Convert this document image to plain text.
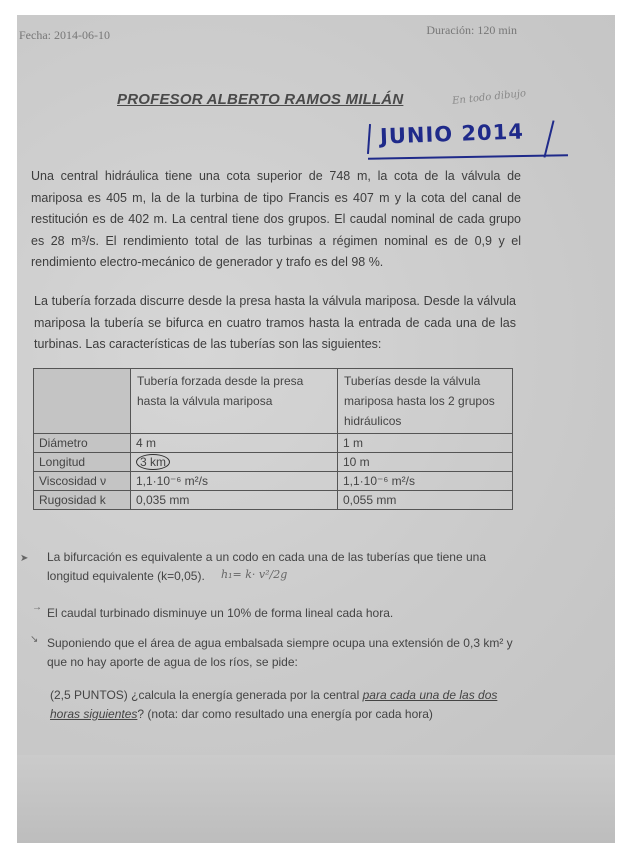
Fecha: 2014-06-10	Duración: 120 min
PROFESOR ALBERTO RAMOS MILLÁN	En todo dibujo
JUNIO 2014
Una central hidráulica tiene una cota superior de 748 m, la cota de la válvula de mariposa es 405 m, la de la turbina de tipo Francis es 407 m y la cota del canal de restitución es de 402 m. La central tiene dos grupos. El caudal nominal de cada grupo es 28 m³/s. El rendimiento total de las turbinas a régimen nominal es de 0,9 y el rendimiento electro-mecánico de generador y trafo es del 98 %.
La tubería forzada discurre desde la presa hasta la válvula mariposa. Desde la válvula mariposa la tubería se bifurca en cuatro tramos hasta la entrada de cada una de las turbinas. Las características de las tuberías son las siguientes:
	Tubería forzada desde la presa hasta la válvula mariposa	Tuberías desde la válvula mariposa hasta los 2 grupos hidráulicos
Diámetro	4 m	1 m
Longitud	3 km	10 m
Viscosidad ν	1,1·10⁻⁶ m²/s	1,1·10⁻⁶ m²/s
Rugosidad k	0,035 mm	0,055 mm
➤ La bifurcación es equivalente a un codo en cada una de las tuberías que tiene una longitud equivalente (k=0,05).	h₁= k· v²/2g
→ El caudal turbinado disminuye un 10% de forma lineal cada hora.
↘ Suponiendo que el área de agua embalsada siempre ocupa una extensión de 0,3 km² y que no hay aporte de agua de los ríos, se pide:
(2,5 PUNTOS) ¿calcula la energía generada por la central para cada una de las dos horas siguientes? (nota: dar como resultado una energía por cada hora)
